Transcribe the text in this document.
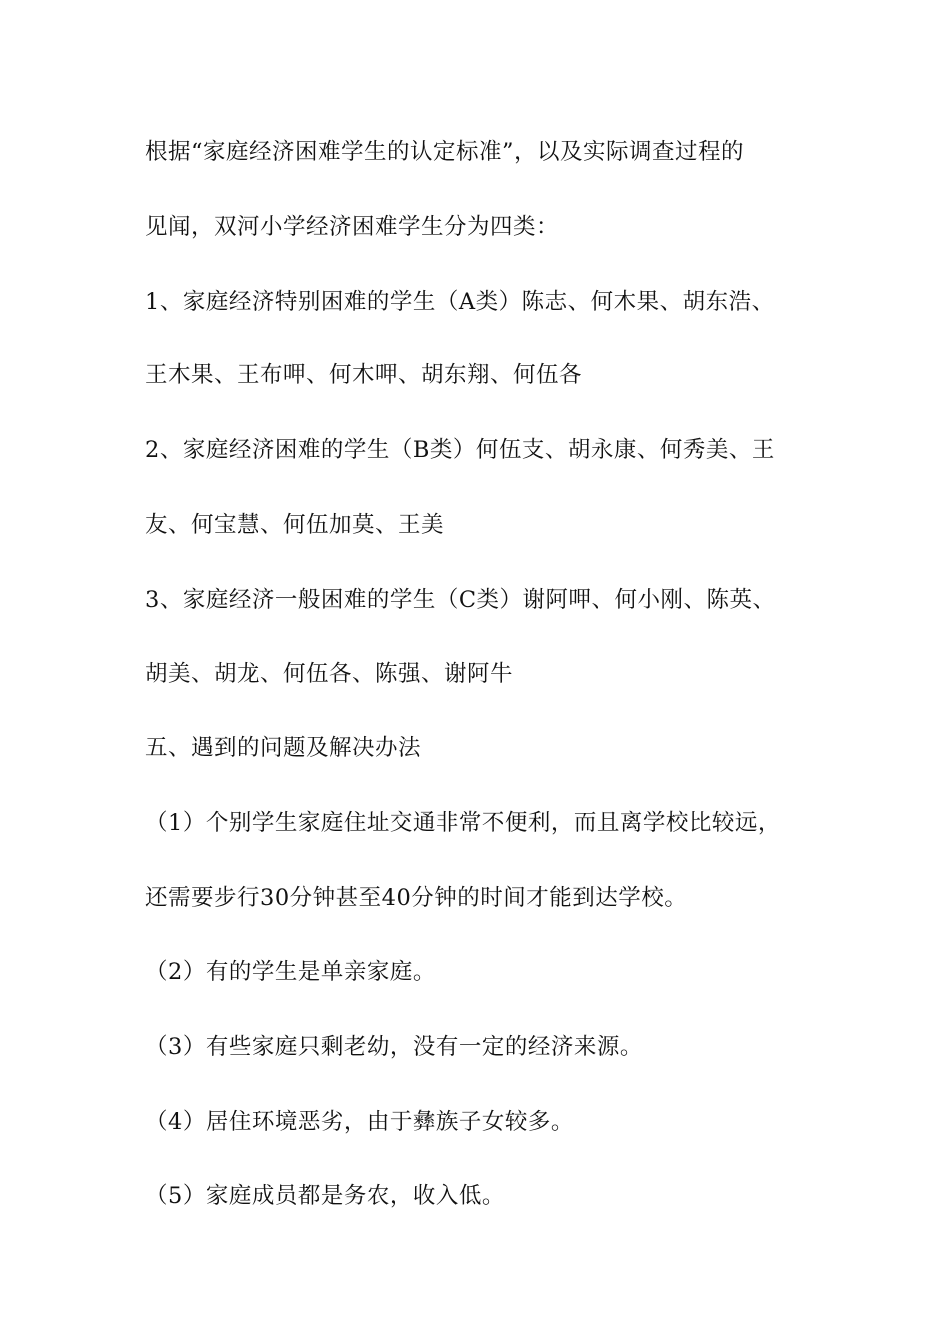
根据“家庭经济困难学生的认定标准”，以及实际调查过程的
见闻，双河小学经济困难学生分为四类：
1、家庭经济特别困难的学生（A类）陈志、何木果、胡东浩、
王木果、王布呷、何木呷、胡东翔、何伍各
2、家庭经济困难的学生（B类）何伍支、胡永康、何秀美、王
友、何宝慧、何伍加莫、王美
3、家庭经济一般困难的学生（C类）谢阿呷、何小刚、陈英、
胡美、胡龙、何伍各、陈强、谢阿牛
五、遇到的问题及解决办法
（1）个别学生家庭住址交通非常不便利，而且离学校比较远，
还需要步行30分钟甚至40分钟的时间才能到达学校。
（2）有的学生是单亲家庭。
（3）有些家庭只剩老幼，没有一定的经济来源。
（4）居住环境恶劣，由于彝族子女较多。
（5）家庭成员都是务农，收入低。
